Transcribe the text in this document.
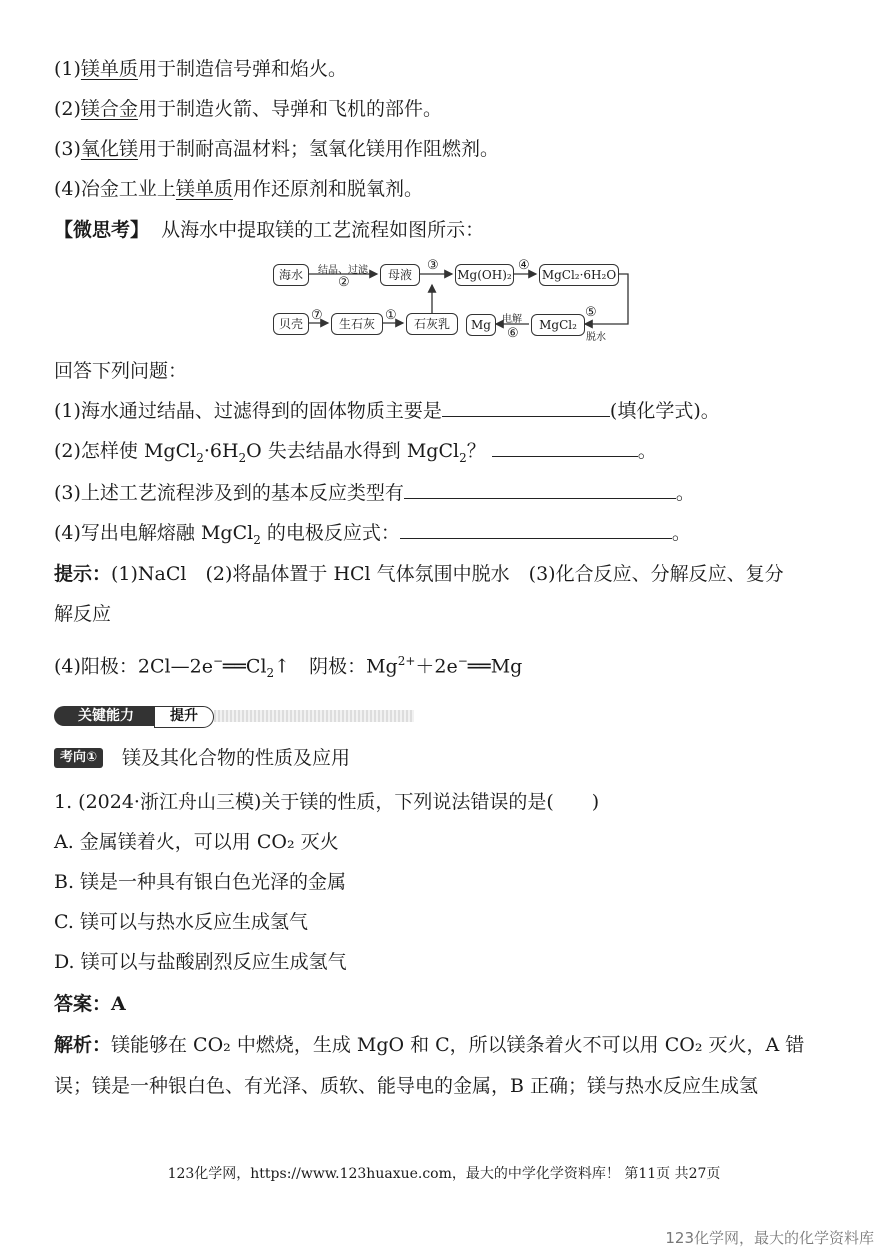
(1)镁单质用于制造信号弹和焰火。
(2)镁合金用于制造火箭、导弹和飞机的部件。
(3)氧化镁用于制耐高温材料；氢氧化镁用作阻燃剂。
(4)冶金工业上镁单质用作还原剂和脱氧剂。
【微思考】 从海水中提取镁的工艺流程如图所示：
海水	母液	Mg(OH)₂	MgCl₂·6H₂O
贝壳	生石灰	石灰乳	Mg	MgCl₂
结晶、过滤
②
③	④
⑦	①	电解
⑥
⑤
脱水
回答下列问题：
(1)海水通过结晶、过滤得到的固体物质主要是	(填化学式)。
(2)怎样使 $MgCl_2\cdot 6H_2O$ 失去结晶水得到 MgCl$_2$？	。
(3)上述工艺流程涉及到的基本反应类型有	。
(4)写出电解熔融 MgCl$_2$ 的电极反应式：	。
提示：(1)NaCl　(2)将晶体置于 HCl 气体氛围中脱水　(3)化合反应、分解反应、复分
解反应
(4)阳极：$2Cl—2e^-══Cl_2↑$　阴极：$Mg^{2+}+2e^-══Mg$
关键能力	提升
考向①	镁及其化合物的性质及应用
1. (2024·浙江舟山三模)关于镁的性质，下列说法错误的是(　　)
A. 金属镁着火，可以用 CO₂ 灭火
B. 镁是一种具有银白色光泽的金属
C. 镁可以与热水反应生成氢气
D. 镁可以与盐酸剧烈反应生成氢气
答案：A
解析：镁能够在 CO₂ 中燃烧，生成 MgO 和 C，所以镁条着火不可以用 CO₂ 灭火，A 错
误；镁是一种银白色、有光泽、质软、能导电的金属，B 正确；镁与热水反应生成氢
123化学网，https://www.123huaxue.com，最大的中学化学资料库！ 第11页 共27页
123化学网，最大的化学资料库
